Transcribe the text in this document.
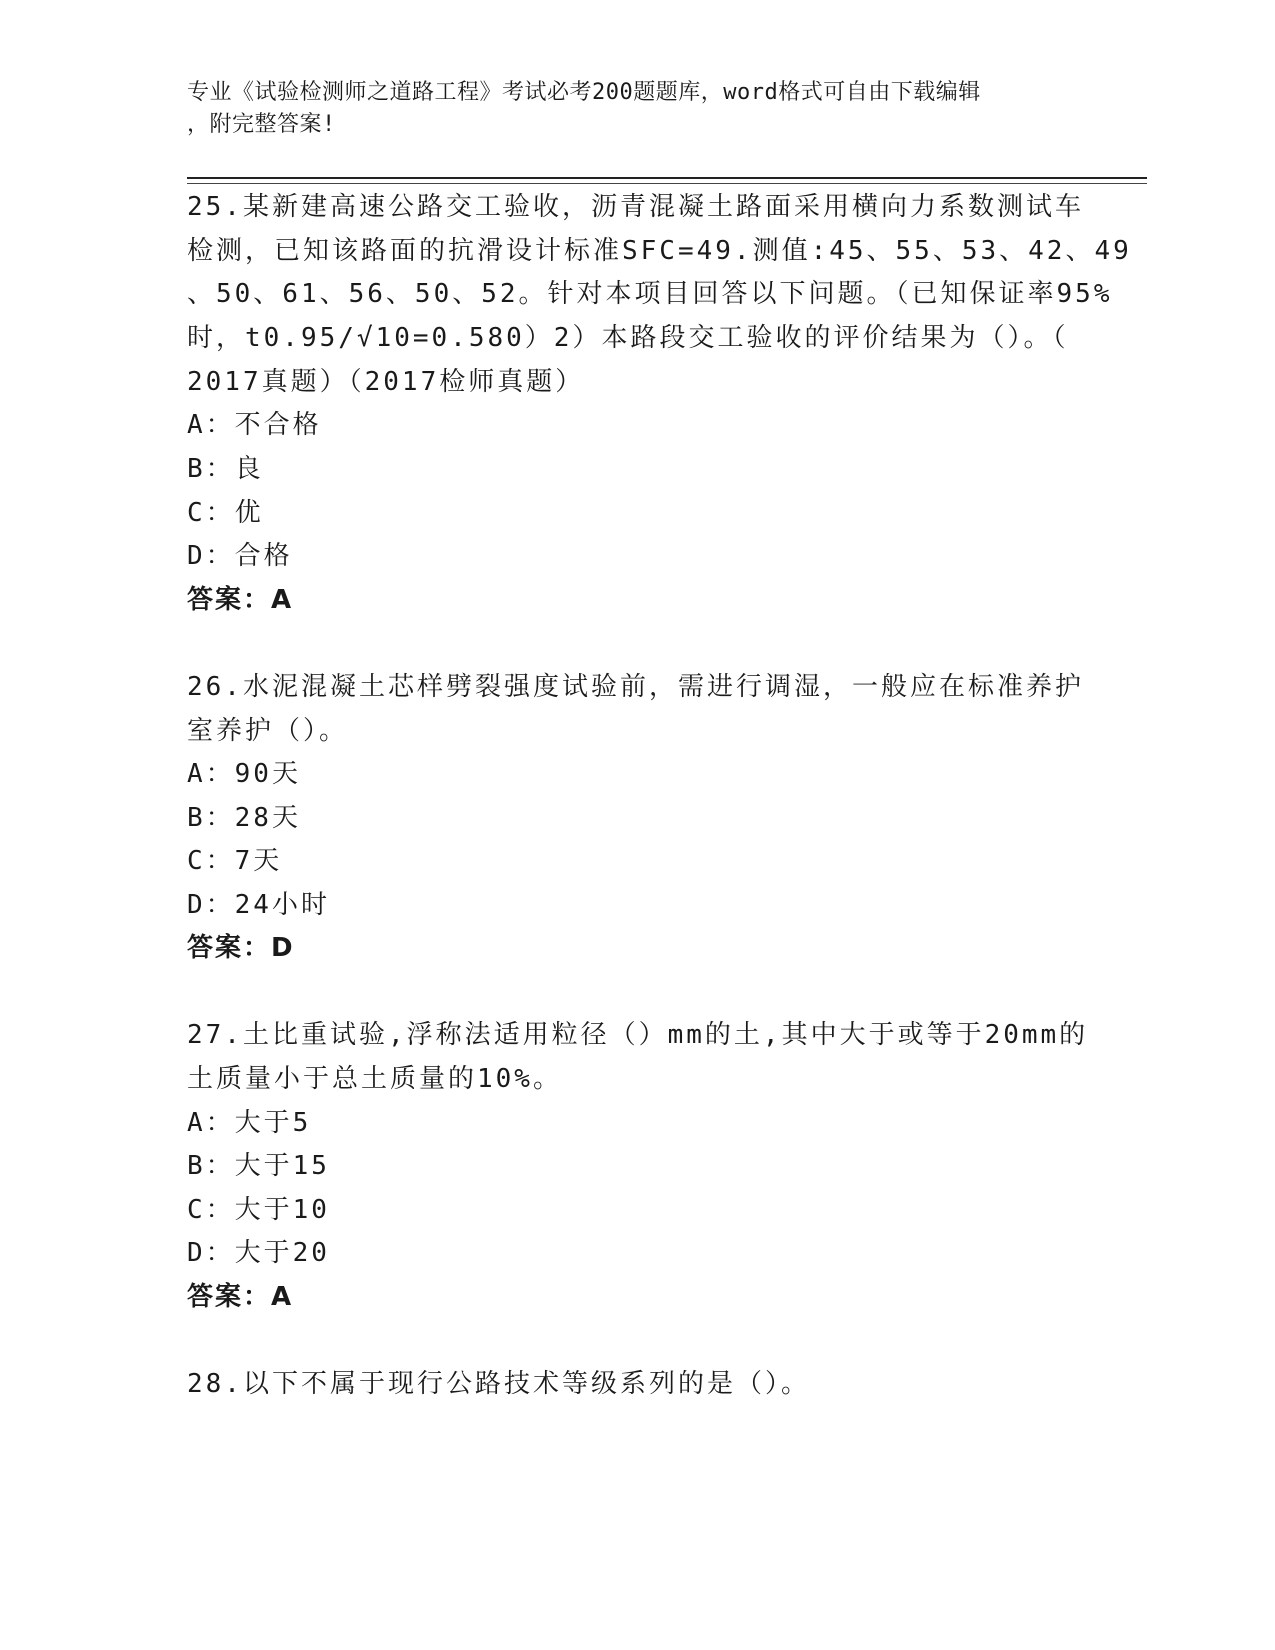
专业《试验检测师之道路工程》考试必考200题题库，word格式可自由下载编辑
，附完整答案!
25.某新建高速公路交工验收，沥青混凝土路面采用横向力系数测试车
检测，已知该路面的抗滑设计标准SFC=49.测值:45、55、53、42、49
、50、61、56、50、52。针对本项目回答以下问题。（已知保证率95%
时，t0.95/√10=0.580）2）本路段交工验收的评价结果为（）。（
2017真题）（2017检师真题）
A：不合格
B：良
C：优
D：合格
答案：A
26.水泥混凝土芯样劈裂强度试验前，需进行调湿，一般应在标准养护
室养护（）。
A：90天
B：28天
C：7天
D：24小时
答案：D
27.土比重试验,浮称法适用粒径（）mm的土,其中大于或等于20mm的
土质量小于总土质量的10%。
A：大于5
B：大于15
C：大于10
D：大于20
答案：A
28.以下不属于现行公路技术等级系列的是（）。
